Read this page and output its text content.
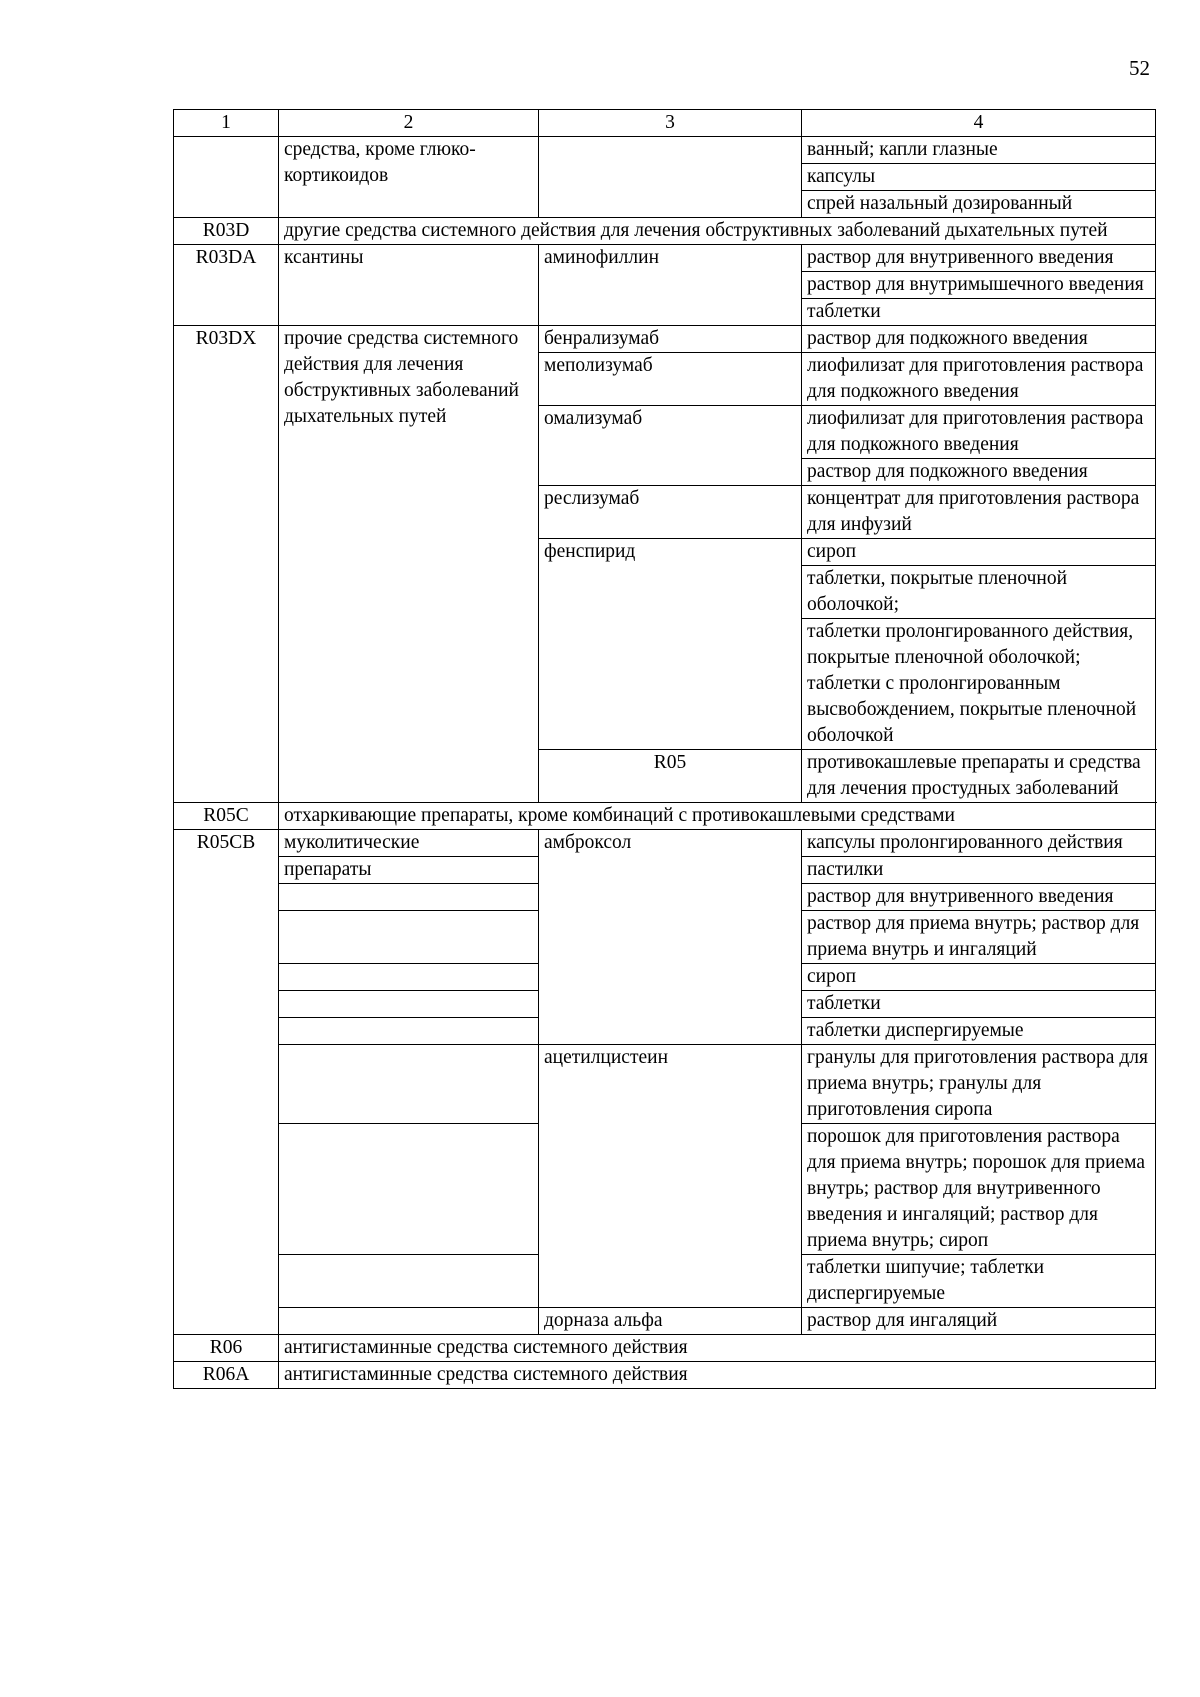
52
1	2	3	4
	средства, кроме глюко-кортикоидов		ванный; капли глазные
			капсулы
			спрей назальный дозированный
R03D	другие средства системного действия для лечения обструктивных заболеваний дыхательных путей		
R03DA	ксантины	аминофиллин	раствор для внутривенного введения
			раствор для внутримышечного введения
			таблетки
R03DX	прочие средства системного действия для лечения обструктивных заболеваний дыхательных путей	бенрализумаб	раствор для подкожного введения
		меполизумаб	лиофилизат для приготовления раствора для подкожного введения
		омализумаб	лиофилизат для приготовления раствора для подкожного введения
			раствор для подкожного введения
		реслизумаб	концентрат для приготовления раствора для инфузий
		фенспирид	сироп
			таблетки, покрытые пленочной оболочкой;
			таблетки пролонгированного действия, покрытые пленочной оболочкой; таблетки с пролонгированным высвобождением, покрытые пленочной оболочкой
		R05	противокашлевые препараты и средства для лечения простудных заболеваний
R05C	отхаркивающие препараты, кроме комбинаций с противокашлевыми средствами		
R05CB	муколитические	амброксол	капсулы пролонгированного действия
	препараты		пастилки
			раствор для внутривенного введения
			раствор для приема внутрь; раствор для приема внутрь и ингаляций
			сироп
			таблетки
			таблетки диспергируемые
		ацетилцистеин	гранулы для приготовления раствора для приема внутрь; гранулы для приготовления сиропа
			порошок для приготовления раствора для приема внутрь; порошок для приема внутрь; раствор для внутривенного введения и ингаляций; раствор для приема внутрь; сироп
			таблетки шипучие; таблетки диспергируемые
		дорназа альфа	раствор для ингаляций
R06	антигистаминные средства системного действия		
R06A	антигистаминные средства системного действия		
